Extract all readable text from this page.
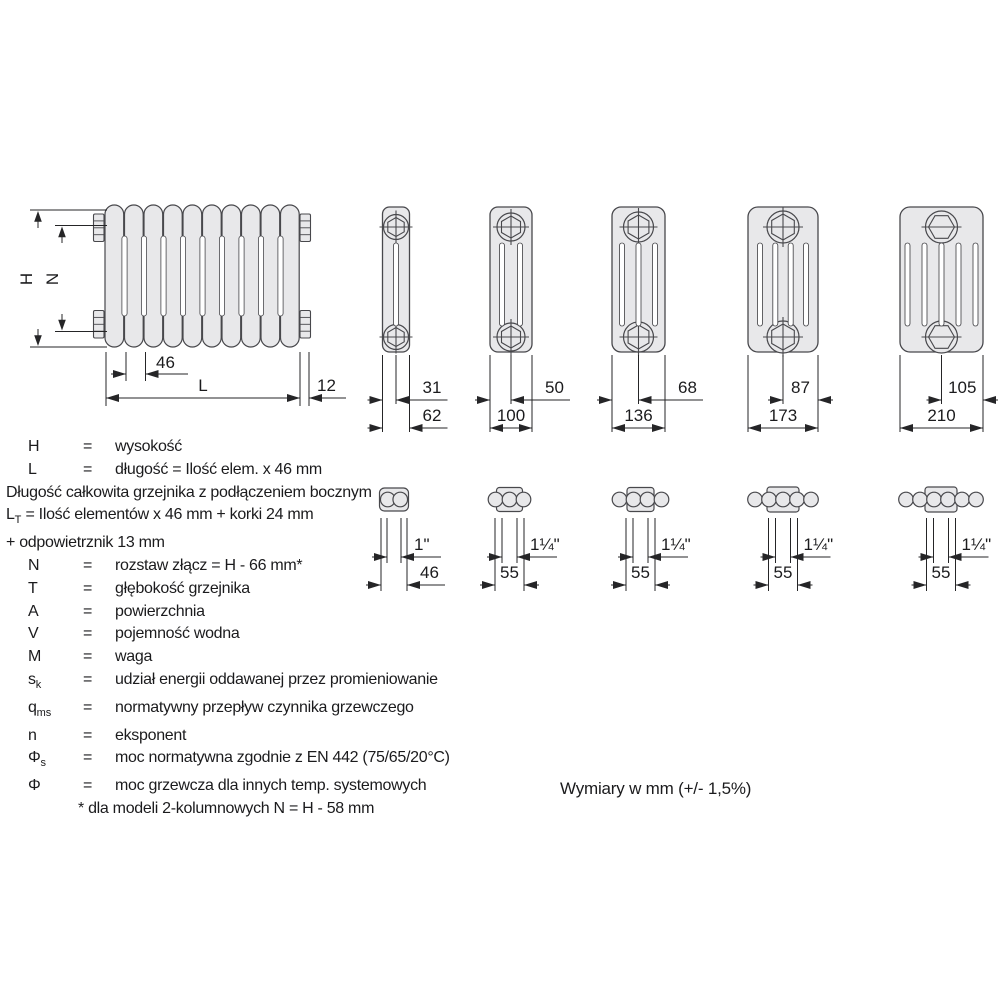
H N
46
L	12	31
62
50
100
68
136
87
173
105
210
1"
46
1¼"
55
1¼"
55
1¼"
55
1¼"
55
H	=	wysokość
L	=	długość = Ilość elem. x 46 mm
Długość całkowita grzejnika z podłączeniem bocznym
$L_T$ = Ilość elementów x 46 mm + korki 24 mm
+ odpowietrznik 13 mm
N	=	rozstaw złącz = H - 66 mm*
T	=	głębokość grzejnika
A	=	powierzchnia
V	=	pojemność wodna
M	=	waga
$s_k$	=	udział energii oddawanej przez promieniowanie
$q_{ms}$	=	normatywny przepływ czynnika grzewczego
n	=	eksponent
$\Phi_s$	=	moc normatywna zgodnie z EN 442 (75/65/20°C)
Φ	=	moc grzewcza dla innych temp. systemowych
* dla modeli 2-kolumnowych N = H - 58 mm
Wymiary w mm (+/- 1,5%)
